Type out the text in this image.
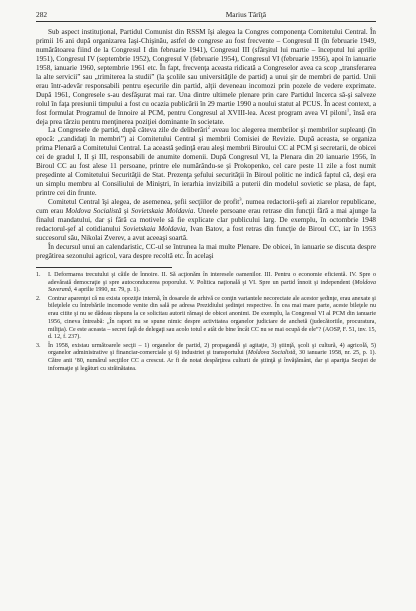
282	Marius Tărîţă

Sub aspect instituţional, Partidul Comunist din RSSM îşi alegea la Congres componenţa Comitetului Central. În primii 16 ani după organizarea Iaşi-Chişinău, astfel de congrese au fost frecvente – Congresul II (în februarie 1949, numărătoarea fiind de la Congresul I din februarie 1941), Congresul III (sfârşitul lui martie – începutul lui aprilie 1951), Congresul IV (septembrie 1952), Congresul V (februarie 1954), Congresul VI (februarie 1956), apoi în ianuarie 1958, ianuarie 1960, septembrie 1961 etc. În fapt, frecvenţa aceasta ridicată a Congreselor avea ca scop „transferarea la alte servicii” sau „trimiterea la studii” (la şcolile sau universităţile de partid) a unui şir de membri de partid. Unii erau într-adevăr responsabili pentru eşecurile din partid, alţii deveneau incomozi prin pozele de vedere exprimate. După 1961, Congresele s-au desfăşurat mai rar. Una dintre ultimele plenare prin care Partidul încerca să-şi salveze rolul în faţa presiunii timpului a fost cu ocazia publicării în 29 martie 1990 a noului statut al PCUS. În acest context, a fost formulat Programul de înnoire al PCM, pentru Congresul al XVIII-lea. Acest program avea VI piloni$^1$, însă era deja prea târziu pentru menţinerea poziţiei dominante în societate.

La Congresele de partid, după câteva zile de deliberări$^2$ aveau loc alegerea membrilor şi membrilor supleanţi (în epocă: „candidaţi în membri”) ai Comitetului Central şi membrii Comisiei de Revizie. După aceasta, se organiza prima Plenară a Comitetului Central. La această şedinţă erau aleşi membrii Biroului CC al PCM şi secretarii, de obicei cei de gradul I, II şi III, responsabili de anumite domenii. După Congresul VI, la Plenara din 20 ianuarie 1956, în Biroul CC au fost alese 11 persoane, printre ele numărându-se şi Prokopenko, cel care peste 11 zile a fost numit preşedinte al Comitetului Securităţii de Stat. Prezenţa şefului securităţii în Biroul politic ne indică faptul că, deşi era un simplu membru al Consiliului de Miniştri, în ierarhia invizibilă a puterii din modelul sovietic se plasa, de fapt, printre cei din frunte.

Comitetul Central îşi alegea, de asemenea, şefii secţiilor de profit$^3$, numea redactorii-şefi ai ziarelor republicane, cum erau Moldova Socialistă şi Sovietskaia Moldavia. Uneele persoane erau retrase din funcţii fără a mai ajunge la finalul mandatului, dar şi fără ca motivele să fie explicate clar publicului larg. De exemplu, în octombrie 1948 redactorul-şef al cotidianului Sovietskaia Moldavia, Ivan Batov, a fost retras din funcţie de Biroul CC, iar în 1953 succesorul său, Nikolai Zverev, a avut aceeaşi soartă.

În decursul unui an calendaristic, CC-ul se întrunea la mai multe Plenare. De obicei, în ianuarie se discuta despre pregătirea sezonului agricol, vara despre recoltă etc. În acelaşi

1.	I. Deformarea trecutului şi căile de înnoire. II. Să acţionăm în interesele oamenilor. III. Pentru o economie eficientă. IV. Spre o adevărată democraţie şi spre autoconducerea poporului. V. Politica naţională şi VI. Spre un partid înnoit şi independent (Moldova Suverană, 4 aprilie 1990, nr. 79, p. 1).
2.	Contrar aparenţei că nu exista opoziţie internă, în dosarele de arhivă ce conţin variantele necorectate ale acestor şedinţe, erau anexate şi bileţelele cu întrebările incomode venite din sală pe adresa Prezidiului şedinţei respective. În cea mai mare parte, aceste bileţele nu erau citite şi nu se dădeau răspuns la ce solicitau autorii rămaşi de obicei anonimi. De exemplu, la Congresul VI al PCM din ianuarie 1956, cineva întreabă: „În raport nu se spune nimic despre activitatea organelor judiciare de anchetă (judecătoriile, procuratura, miliţia). Ce este aceasta – secret faţă de delegaţi sau acolo totul e atât de bine încât CC nu se mai ocupă de ele”? (AOSP, F. 51, inv. 15, d. 12, f. 237).
3.	În 1958, existau următoarele secţii – 1) organelor de partid, 2) propagandă şi agitaţie, 3) ştiinţă, şcoli şi cultură, 4) agricolă, 5) organelor administrative şi financiar-comerciale şi 6) industriei şi transportului (Moldova Socialistă, 30 ianuarie 1958, nr. 25, p. 1). Către anii ’80, numărul secţiilor CC a crescut. Ar fi de notat despărţirea culturii de ştiinţă şi învăţământ, dar şi apariţia Secţiei de informaţie şi legături cu străinătatea.
